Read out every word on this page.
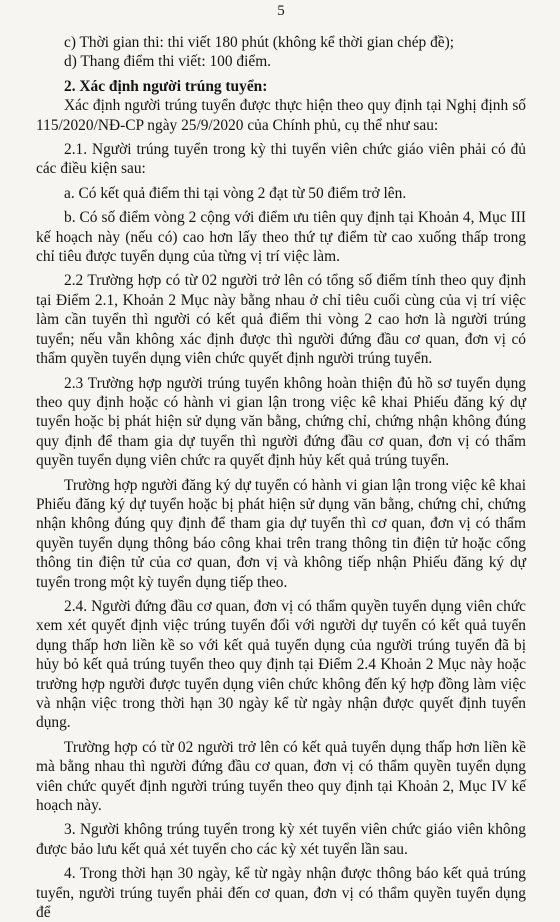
5

c) Thời gian thi: thi viết 180 phút (không kể thời gian chép đề);

d) Thang điểm thi viết: 100 điểm.

2. Xác định người trúng tuyển:

Xác định người trúng tuyển được thực hiện theo quy định tại Nghị định số 115/2020/NĐ-CP ngày 25/9/2020 của Chính phủ, cụ thể như sau:

2.1. Người trúng tuyển trong kỳ thi tuyển viên chức giáo viên phải có đủ các điều kiện sau:

a. Có kết quả điểm thi tại vòng 2 đạt từ 50 điểm trở lên.

b. Có số điểm vòng 2 cộng với điểm ưu tiên quy định tại Khoản 4, Mục III kế hoạch này (nếu có) cao hơn lấy theo thứ tự điểm từ cao xuống thấp trong chỉ tiêu được tuyển dụng của từng vị trí việc làm.

2.2 Trường hợp có từ 02 người trở lên có tổng số điểm tính theo quy định tại Điểm 2.1, Khoản 2 Mục này bằng nhau ở chỉ tiêu cuối cùng của vị trí việc làm cần tuyển thì người có kết quả điểm thi vòng 2 cao hơn là người trúng tuyển; nếu vẫn không xác định được thì người đứng đầu cơ quan, đơn vị có thẩm quyền tuyển dụng viên chức quyết định người trúng tuyển.

2.3 Trường hợp người trúng tuyển không hoàn thiện đủ hồ sơ tuyển dụng theo quy định hoặc có hành vi gian lận trong việc kê khai Phiếu đăng ký dự tuyển hoặc bị phát hiện sử dụng văn bằng, chứng chỉ, chứng nhận không đúng quy định để tham gia dự tuyển thì người đứng đầu cơ quan, đơn vị có thẩm quyền tuyển dụng viên chức ra quyết định hủy kết quả trúng tuyển.

Trường hợp người đăng ký dự tuyển có hành vi gian lận trong việc kê khai Phiếu đăng ký dự tuyển hoặc bị phát hiện sử dụng văn bằng, chứng chỉ, chứng nhận không đúng quy định để tham gia dự tuyển thì cơ quan, đơn vị có thẩm quyền tuyển dụng thông báo công khai trên trang thông tin điện tử hoặc cổng thông tin điện tử của cơ quan, đơn vị và không tiếp nhận Phiếu đăng ký dự tuyển trong một kỳ tuyển dụng tiếp theo.

2.4. Người đứng đầu cơ quan, đơn vị có thẩm quyền tuyển dụng viên chức xem xét quyết định việc trúng tuyển đối với người dự tuyển có kết quả tuyển dụng thấp hơn liền kề so với kết quả tuyển dụng của người trúng tuyển đã bị hủy bỏ kết quả trúng tuyển theo quy định tại Điểm 2.4 Khoản 2 Mục này hoặc trường hợp người được tuyển dụng viên chức không đến ký hợp đồng làm việc và nhận việc trong thời hạn 30 ngày kể từ ngày nhận được quyết định tuyển dụng.

Trường hợp có từ 02 người trở lên có kết quả tuyển dụng thấp hơn liền kề mà bằng nhau thì người đứng đầu cơ quan, đơn vị có thẩm quyền tuyển dụng viên chức quyết định người trúng tuyển theo quy định tại Khoản 2, Mục IV kế hoạch này.

3. Người không trúng tuyển trong kỳ xét tuyển viên chức giáo viên không được bảo lưu kết quả xét tuyển cho các kỳ xét tuyển lần sau.

4. Trong thời hạn 30 ngày, kể từ ngày nhận được thông báo kết quả trúng tuyển, người trúng tuyển phải đến cơ quan, đơn vị có thẩm quyền tuyển dụng để
